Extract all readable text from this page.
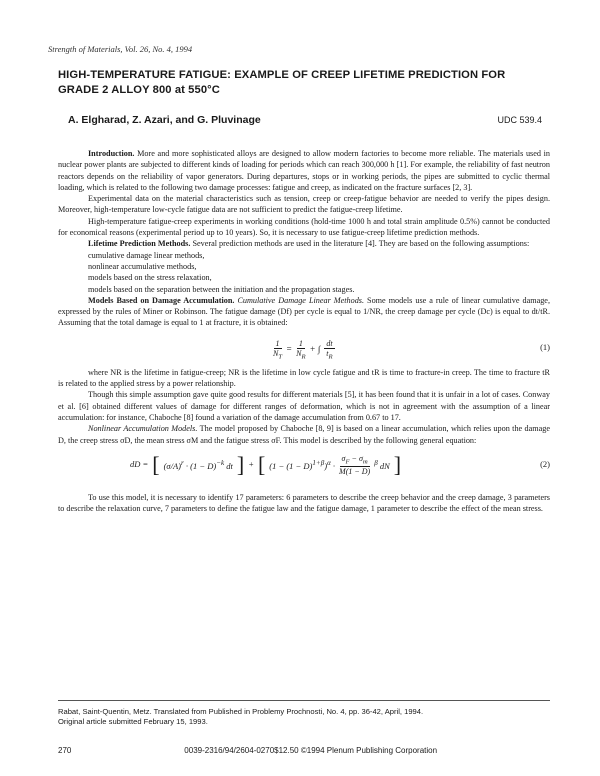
Strength of Materials, Vol. 26, No. 4, 1994
HIGH-TEMPERATURE FATIGUE: EXAMPLE OF CREEP LIFETIME PREDICTION FOR GRADE 2 ALLOY 800 at 550°C
A. Elgharad, Z. Azari, and G. Pluvinage	UDC 539.4

Introduction. More and more sophisticated alloys are designed to allow modern factories to become more reliable. The materials used in nuclear power plants are subjected to different kinds of loading for periods which can reach 300,000 h [1]. For example, the reliability of fast neutron reactors depends on the reliability of vapor generators. During departures, stops or in working periods, the pipes are submitted to cyclic thermal loading, which is related to the following two damage processes: fatigue and creep, as indicated on the fracture surfaces [2, 3].

Experimental data on the material characteristics such as tension, creep or creep-fatigue behavior are needed to verify the pipes design. Moreover, high-temperature low-cycle fatigue data are not sufficient to predict the fatigue-creep lifetime.

High-temperature fatigue-creep experiments in working conditions (hold-time 1000 h and total strain amplitude 0.5%) cannot be conducted for economical reasons (experimental period up to 10 years). So, it is necessary to use fatigue-creep lifetime prediction methods.

Lifetime Prediction Methods. Several prediction methods are used in the literature [4]. They are based on the following assumptions:

cumulative damage linear methods,
nonlinear accumulative methods,
models based on the stress relaxation,
models based on the separation between the initiation and the propagation stages.

Models Based on Damage Accumulation. Cumulative Damage Linear Methods. Some models use a rule of linear cumulative damage, expressed by the rules of Miner or Robinson. The fatigue damage (Df) per cycle is equal to 1/NR, the creep damage per cycle (Dc) is equal to dt/tR. Assuming that the total damage is equal to 1 at fracture, it is obtained:

$\frac{1}{N_T} = \frac{1}{N_R}$ + ∫ $\frac{dt}{t_R}$	(1)

where NR is the lifetime in fatigue-creep; NR is the lifetime in low cycle fatigue and tR is time to fracture-in creep. The time to fracture tR is related to the applied stress by a power relationship.

Though this simple assumption gave quite good results for different materials [5], it has been found that it is unfair in a lot of cases. Conway et al. [6] obtained different values of damage for different ranges of deformation, which is not in agreement with the assumption of a linear accumulation: for instance, Chaboche [8] found a variation of the damage accumulation from 0.67 to 17.

Nonlinear Accumulation Models. The model proposed by Chaboche [8, 9] is based on a linear accumulation, which relies upon the damage D, the creep stress σD, the mean stress σM and the fatigue stress σF. This model is described by the following general equation:

dD = [ $(\sigma/A)^r \cdot (1 - D)^{-k}$ dt ] + [ $(1 - (1 - D)^{1+\beta})^\alpha \cdot \frac{\sigma_F - \sigma_m}{M(1 - D)} ^\beta$ dN ]	(2)

To use this model, it is necessary to identify 17 parameters: 6 parameters to describe the creep behavior and the creep damage, 3 parameters to describe the relaxation curve, 7 parameters to define the fatigue law and the fatigue damage, 1 parameter to describe the effect of the mean stress.

Rabat, Saint-Quentin, Metz. Translated from Published in Problemy Prochnosti, No. 4, pp. 36-42, April, 1994.
Original article submitted February 15, 1993.
270	0039-2316/94/2604-0270$12.50 ©1994 Plenum Publishing Corporation
